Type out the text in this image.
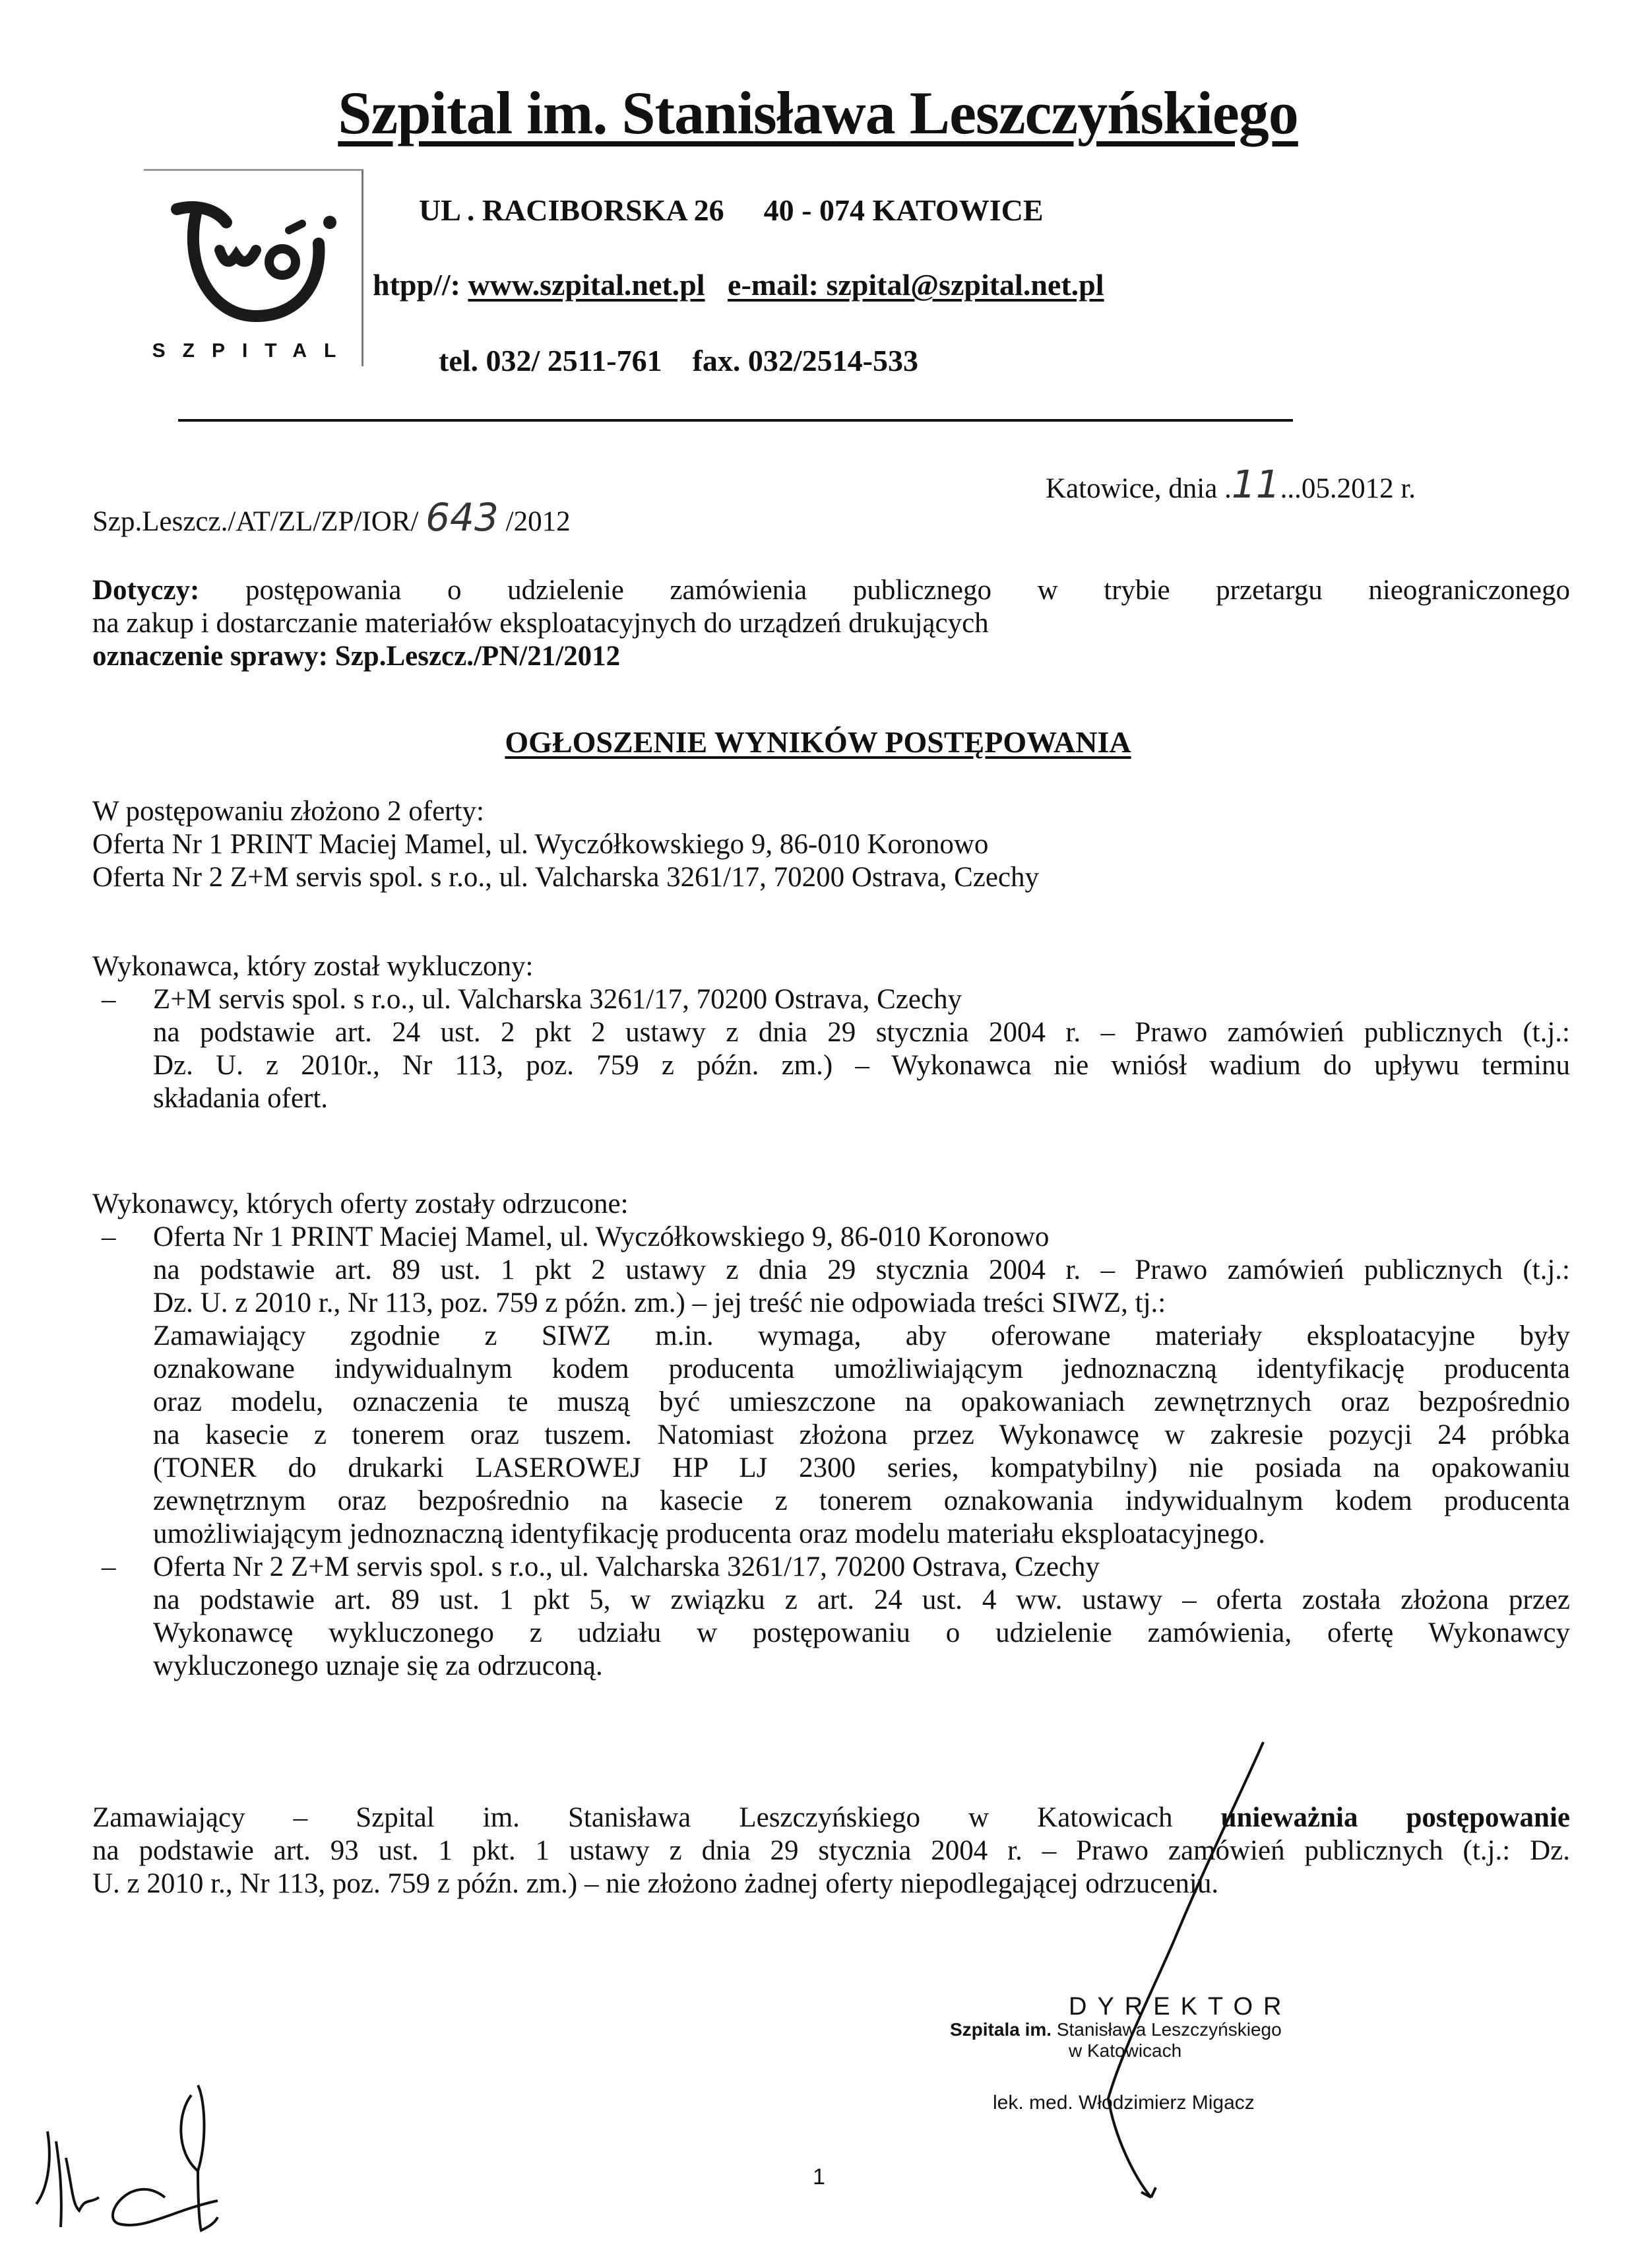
Szpital im. Stanisława Leszczyńskiego
SZPITAL
UL . RACIBORSKA 26 40 - 074 KATOWICE
htpp//: www.szpital.net.pl e-mail: szpital@szpital.net.pl
tel. 032/ 2511-761 fax. 032/2514-533
Katowice, dnia .11...05.2012 r.
Szp.Leszcz./AT/ZL/ZP/IOR/ 643 /2012
Dotyczy: postępowania o udzielenie zamówienia publicznego w trybie przetargu nieograniczonego
na zakup i dostarczanie materiałów eksploatacyjnych do urządzeń drukujących
oznaczenie sprawy: Szp.Leszcz./PN/21/2012
OGŁOSZENIE WYNIKÓW POSTĘPOWANIA
W postępowaniu złożono 2 oferty:
Oferta Nr 1 PRINT Maciej Mamel, ul. Wyczółkowskiego 9, 86-010 Koronowo
Oferta Nr 2 Z+M servis spol. s r.o., ul. Valcharska 3261/17, 70200 Ostrava, Czechy
Wykonawca, który został wykluczony:
– Z+M servis spol. s r.o., ul. Valcharska 3261/17, 70200 Ostrava, Czechy
na podstawie art. 24 ust. 2 pkt 2 ustawy z dnia 29 stycznia 2004 r. – Prawo zamówień publicznych (t.j.:
Dz. U. z 2010r., Nr 113, poz. 759 z późn. zm.) – Wykonawca nie wniósł wadium do upływu terminu
składania ofert.
Wykonawcy, których oferty zostały odrzucone:
– Oferta Nr 1 PRINT Maciej Mamel, ul. Wyczółkowskiego 9, 86-010 Koronowo
na podstawie art. 89 ust. 1 pkt 2 ustawy z dnia 29 stycznia 2004 r. – Prawo zamówień publicznych (t.j.:
Dz. U. z 2010 r., Nr 113, poz. 759 z późn. zm.) – jej treść nie odpowiada treści SIWZ, tj.:
Zamawiający zgodnie z SIWZ m.in. wymaga, aby oferowane materiały eksploatacyjne były
oznakowane indywidualnym kodem producenta umożliwiającym jednoznaczną identyfikację producenta
oraz modelu, oznaczenia te muszą być umieszczone na opakowaniach zewnętrznych oraz bezpośrednio
na kasecie z tonerem oraz tuszem. Natomiast złożona przez Wykonawcę w zakresie pozycji 24 próbka
(TONER do drukarki LASEROWEJ HP LJ 2300 series, kompatybilny) nie posiada na opakowaniu
zewnętrznym oraz bezpośrednio na kasecie z tonerem oznakowania indywidualnym kodem producenta
umożliwiającym jednoznaczną identyfikację producenta oraz modelu materiału eksploatacyjnego.
– Oferta Nr 2 Z+M servis spol. s r.o., ul. Valcharska 3261/17, 70200 Ostrava, Czechy
na podstawie art. 89 ust. 1 pkt 5, w związku z art. 24 ust. 4 ww. ustawy – oferta została złożona przez
Wykonawcę wykluczonego z udziału w postępowaniu o udzielenie zamówienia, ofertę Wykonawcy
wykluczonego uznaje się za odrzuconą.
Zamawiający – Szpital im. Stanisława Leszczyńskiego w Katowicach unieważnia postępowanie
na podstawie art. 93 ust. 1 pkt. 1 ustawy z dnia 29 stycznia 2004 r. – Prawo zamówień publicznych (t.j.: Dz.
U. z 2010 r., Nr 113, poz. 759 z późn. zm.) – nie złożono żadnej oferty niepodlegającej odrzuceniu.
DYREKTOR
Szpitala im. Stanisława Leszczyńskiego
w Katowicach
lek. med. Włodzimierz Migacz
1
